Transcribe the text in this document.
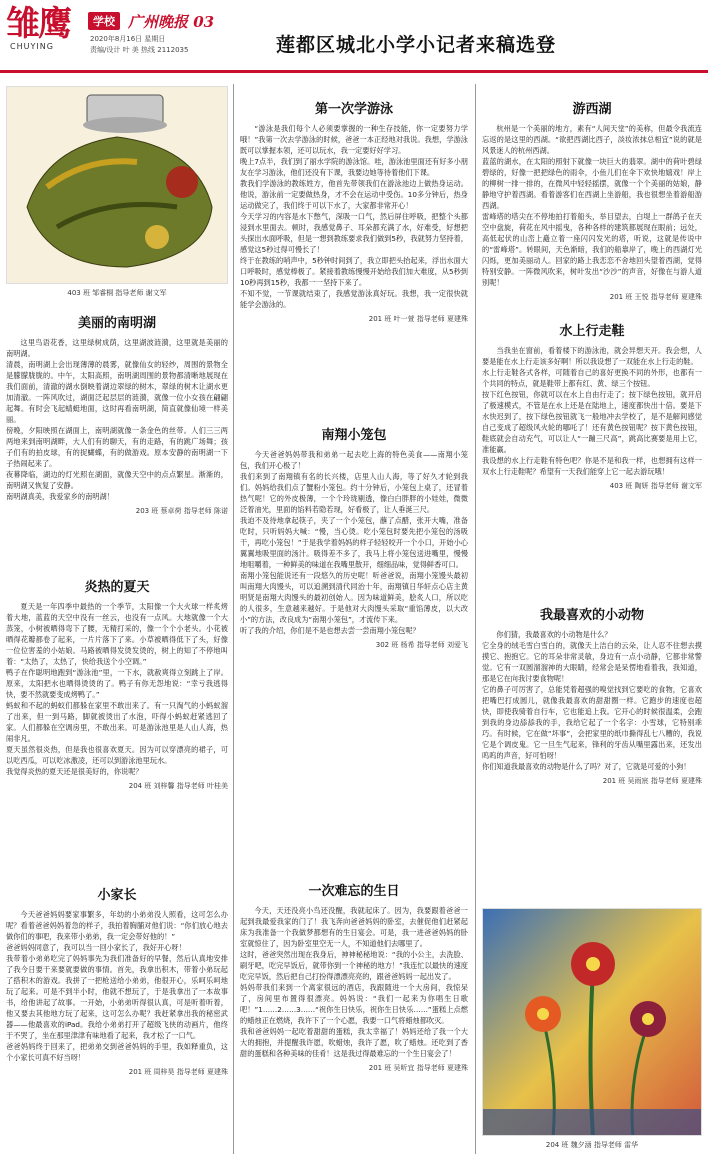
雏鹰
CHUYING
学校 广州晚报 03
2020年8月16日 星期日
责编/设计 叶 美 热线 2112035	莲都区城北小学小记者来稿选登
403 班 邹睿桐 指导老师 谢文军
美丽的南明湖
这里鸟语花香，这里绿树成荫，这里湖波涟漪，这里就是美丽的南明湖。
清晨，南明湖上会出现薄薄的晨雾，就像仙女的轻纱，周围的景物全是朦朦胧胧的。中午，太阳高照，南明湖周围的景物都清晰地展现在我们面前，清澈的湖水倒映着湖边翠绿的树木，翠绿的树木让湖水更加清澈。一阵风吹过，湖面泛起层层的涟漪，就像一位小女孩在翩翩起舞。有时会飞起蜻蜓地面，这时再看南明湖，简直就像仙境一样美丽。
傍晚，夕阳映照在湖面上，南明湖就像一条金色的丝带。人们三三两两地来到南明湖畔，大人们有的聊天，有的走路，有的跳广场舞；孩子们有的拍皮球，有的捉蝴蝶，有的做游戏。原本安静的南明湖一下子热闹起来了。
夜幕降临，湖边的灯光照在湖面，就像天空中的点点繁星。渐渐的，南明湖又恢复了安静。
南明湖真美，我爱家乡的南明湖！
203 班 蔡卓荷 指导老师 陈诺
炎热的夏天
夏天是一年四季中最热的一个季节，太阳像一个大火球一样炙烤着大地，蓝蓝的天空中没有一丝云，也没有一点风。大地就像一个大蒸笼，小树被晒得弯下了腰，无精打采的，像一个个小老头。小花被晒得花瓣都卷了起来，一片片落下了来。小草被晒得低下了头，好像一位位害羞的小姑娘。马路被晒得发烫发烫的，树上的知了不停地叫着：“太热了，太热了，快给我送个小空调。”
鸭子在作聪明地跑到“游泳池”里，一下水，就赦爽得立刻跳上了岸。原来，太阳把水也晒得烫烫的了。鸭子有你无怨地说：“幸亏我逃得快，要不然就要变成烤鸭了。”
蚂蚁和不起的蚂蚁们都躲在家里不敢出来了。有一只淘气的小蚂蚁溜了出来，但一到马路，脚就被烫出了水泡，吓得小蚂蚁赶紧逃回了家。人们都躲在空调房里，不敢出来。可是游泳池里是人山人海，热闹非凡。
夏天虽然很炎热，但是我也很喜欢夏天。因为可以穿漂亮的裙子，可以吃西瓜，可以吃冰激凌，还可以到游泳池里玩水。
我觉得炎热的夏天还是很美好的，你说呢？
204 班 刘梓馨 指导老师 叶桂美
小家长
今天爸爸妈妈要家事繁多，年幼的小弟弟没人照看，这可怎么办呢？看着爸爸妈妈着急的样子，我拍着胸脯对他们说：“你们放心地去做你们的事吧，我来带小弟弟，我一定会带好他的！”
爸爸妈妈同意了，我可以当一回小家长了，我好开心呀！
我带着小弟弟吃完了妈妈事先为我们准备好的早餐，然后认真地安排了我今日要干来要就要做的事情。首先，我拿出积木，带着小弟玩起了搭积木的游戏。我拼了一把枪送给小弟弟，他很开心，乐呵乐呵地玩了起来。可是不到半小时，他就不想玩了，于是我拿出了一本故事书，给他讲起了故事。一开始，小弟弟听得很认真，可是听着听着，他又要去其他地方玩了起来，这可怎么办呢？我赶紧拿出我的秘密武器——他最喜欢的iPad。我给小弟弟打开了超级飞侠的动画片，他终于不哭了，坐在那里津津有味地看了起来，我才松了一口气。
爸爸妈妈终于回来了，把弟弟交到爸爸妈妈的手里，我如释重负，这个小家长可真不好当呀！
201 班 周梓昊 指导老师 夏建殊
第一次学游泳
“游泳是我们每个人必须要掌握的一种生存技能，你一定要努力学哦！”我第一次去学游泳的时候，爸爸一本正经地对我说。我想，学游泳既可以掌握本领，还可以玩水，我一定要好好学习。
晚上7点半，我们到了丽水学院的游泳馆。哇，游泳池里面还有好多小朋友在学习游泳，他们还没有下课，我要边她等待着他们下课。
教我们学游泳的教练姓方，他首先带领我们在游泳池边上做热身运动。他说，游泳前一定要做热身，才不会在运动中受伤。10多分钟后，热身运动做完了，我们终于可以下水了，大家都非常开心！
今天学习的内容是水下憋气，深吸一口气，然后屏住呼吸，把整个头都浸到水里面去。顿时，我感觉鼻子、耳朵都充满了水，好难受，好想把头探出水面呼吸，但是一想到教练要求我们做到5秒，我就努力坚持着，感觉这5秒过得可慢长了！
终于在教练的哨声中，5秒钟时间到了，我立即把头抬起来，浮出水面大口呼吸时，感觉棒极了。紧接着教练慢慢开始给我们加大难度，从5秒到10秒再到15秒，我都一一坚持下来了。
不知不觉，一节课就结束了，我感觉游泳真好玩。我想，我一定很快就能学会游泳的。
201 班 叶一萱 指导老师 夏建殊
南翔小笼包
今天爸爸妈妈带我和弟弟一起去吃上海的特色美食——南翔小笼包，我们开心极了！
我们来到了南翔镇有名的长兴楼，店里人山人海，等了好久才轮到我们。妈妈给我们点了蟹粉小笼包。约十分钟后，小笼包上桌了，还冒着热气呢！它的外皮极薄，一个个玲珑剔透，像白白胖胖的小娃娃，微微泛着油光，里面的馅料若隐若现，好看极了，让人垂涎三尺。
我迫不及待地拿起筷子，夹了一个小笼包，蘸了点醋，张开大嘴，准备吃时，只听妈妈大喊：“慢，当心烫。吃小笼包时要先把小笼包的汤吸干，再吃小笼包！”于是我学着妈妈的样子轻轻咬开一个小口，开始小心翼翼地吸里面的汤汁。吸得差不多了，我马上将小笼包送进嘴里，慢慢地咀嚼着，一种鲜美的味道在我嘴里散开，细细品味，觉得鲜香可口。
南翔小笼包能说还有一段悠久的历史呢！听爸爸说，南翔小笼馒头最初叫南翔大肉馒头，可以追溯到清代同治十年，南翔镇日华轩点心店主黄明贤是南翔大肉馒头的最初创始人。因为味道鲜美，脍炙人口，所以吃的人很多，生意越来越好。于是他对大肉馒头采取“重馅薄皮，以大改小”的方法，改良成为“南翔小笼包”，才流传下来。
听了我的介绍，你们是不是也想去尝一尝南翔小笼包呢？
302 班 杨希 指导老师 刘爱飞
一次难忘的生日
今天，天还没亮小鸟还没醒，我就起床了。因为，我要跟着爸爸一起到我最爱我家的门了！我飞奔向爸爸妈妈的卧室，去催促他们赶紧起床为我准备一个我做梦都想有的生日宴会。可是，我一进爸爸妈妈的卧室就惊住了，因为卧室里空无一人，不知道他们去哪里了。
这时，爸爸突然出现在我身后，神神秘秘地说：“我的小公主，去洗脸、刷牙吧，吃完早饭后，就带你到一个神秘的地方！”我连忙以最快的速度吃完早饭，然后把自己打扮得漂漂亮亮的，跟爸爸妈妈一起出发了。
妈妈带我们来到一个离家很远的酒店，我跟随进一个大房间，我惊呆了，房间里布置得很漂亮。妈妈说：“我们一起来为你唱生日歌吧！”1……2……3……“祝你生日快乐，祝你生日快乐……”蛋糕上点燃的蜡烛正在燃烧，我许下了一个心愿，我要一口气将蜡烛都吹灭。
我和爸爸妈妈一起吃着甜甜的蛋糕，我太幸福了！妈妈还给了我一个大大的拥抱，并提醒我许愿，吹蜡烛，我许了愿，吹了蜡烛。还吃到了香甜的蛋糕和各种美味的佳肴！这是我过得最难忘的一个生日宴会了！
201 班 吴昕宜 指导老师 夏建殊
游西湖
杭州是一个美丽的地方，素有“人间天堂”的美称，但最令我流连忘返的是这里的西湖。“欲把西湖比西子，淡妆浓抹总相宜”说的就是风景迷人的杭州西湖。
蓝蓝的湖水，在太阳的照射下就像一块巨大的翡翠。湖中的荷叶碧绿碧绿的，好像一把把绿色的雨伞，小鱼儿们在伞下欢快地嬉戏！岸上的柳树一排一排的，在微风中轻轻摇摆，就像一个个美丽的姑娘，静静地守护着西湖。看着游客们在西湖上坐游船，我也很想坐着游船游西湖。
雷峰塔的塔尖在不停地拍打着船头，举目望去，白堤上一群鸽子在天空中盘旋，荷花在风中摇曳，各种各样的建筑都展现在眼前；远处，高低起伏的山峦上矗立着一座闪闪发光的塔，听说，这就是传说中的“雷峰塔”。转眼间，天色渐暗，我们的船靠岸了，晚上的西湖灯光闪烁，更加美丽动人。回家的路上我恋恋不舍地回头望着西湖，觉得特别安静。一阵微风吹来，树叶发出“沙沙”的声音，好像在与游人道别呢！
201 班 王悦 指导老师 夏建殊
水上行走鞋
当我坐在窗前，看着楼下的游泳池，就会异想天开。我会想，人要是能在水上行走该多好啊！所以我设想了一双能在水上行走的鞋。
水上行走鞋各式各样，可随着自己的喜好更换不同的外形，也都有一个共同的特点，就是鞋带上都有红、黄、绿三个按钮。
按下红色按钮，你就可以在水上自由行走了；按下绿色按钮，就开启了极速模式，不管是在水上还是在陆地上，速度都快出十倍。要是下水快迟到了，按下绿色按钮就飞一般地冲去学校了，是不是解间感觉自己变成了超级风火轮的哪吒了！还有黄色按钮呢？按下黄色按钮，鞋底就会自动充气，可以让人“一蹦三尺高”，跳高比赛要是用上它，准能赢。
我设想的水上行走鞋有特色吧？你是不是和我一样，也想拥有这样一双水上行走鞋呢？希望有一天我们能穿上它一起去游玩哦！
403 班 陶妍 指导老师 谢文军
我最喜欢的小动物
你们猜，我最喜欢的小动物是什么？
它全身的绒毛雪白雪白的，就像天上洁白的云朵，让人忍不住想去摸摸它、抱抱它。它的耳朵非常灵敏，身边有一点小动静，它都非常警觉。它有一双圆溜溜神的大眼睛，经常会是呆愣地看着我，我知道，那是它在向我讨要食物呢！
它的鼻子可厉害了，总能凭着超强的嗅觉找到它要吃的食物，它喜欢把嘴巴打成圆儿，就像我最喜欢的甜甜圈一样。它跑步的速度也超快，即使我骑着自行车，它也能追上我。它开心的时候很温柔，会跑到我的身边舔舔我的手，我给它起了一个名字：小雪球，它特别乖巧。有时候，它在做“坏事”，会把家里的纸巾撕得乱七八糟的，我说它是个调皮鬼。它一旦生气起来，锋利的牙齿从嘴里露出来，还发出呜呜的声音，好可怕呀！
你们知道我最喜欢的动物是什么了吗？对了，它就是可爱的小狗！
201 班 吴雨宸 指导老师 夏建殊
204 班 魏夕涵 指导老师 雷华
